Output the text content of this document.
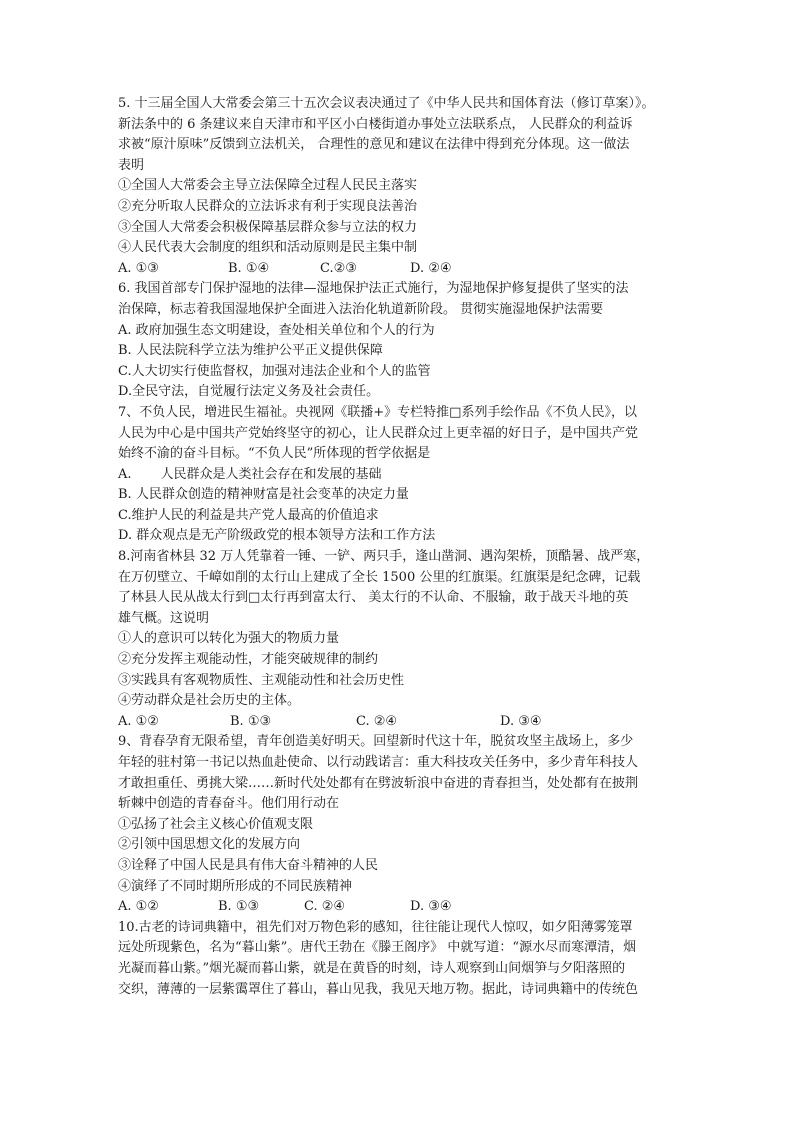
5. 十三届全国人大常委会第三十五次会议表决通过了《中华人民共和国体育法（修订草案）》。
新法条中的 6 条建议来自天津市和平区小白楼街道办事处立法联系点， 人民群众的利益诉
求被“原汁原味”反馈到立法机关， 合理性的意见和建议在法律中得到充分体现。这一做法
表明
①全国人大常委会主导立法保障全过程人民民主落实
②充分听取人民群众的立法诉求有利于实现良法善治
③全国人大常委会积极保障基层群众参与立法的权力
④人民代表大会制度的组织和活动原则是民主集中制
A. ①③	B. ①④	C.②③	D. ②④
6. 我国首部专门保护湿地的法律—湿地保护法正式施行，为湿地保护修复提供了坚实的法
治保障，标志着我国湿地保护全面进入法治化轨道新阶段。 贯彻实施湿地保护法需要
A. 政府加强生态文明建设，查处相关单位和个人的行为
B. 人民法院科学立法为维护公平正义提供保障
C.人大切实行使监督权，加强对违法企业和个人的监管
D.全民守法，自觉履行法定义务及社会责任。
7、不负人民，增进民生福祉。央视网《联播+》专栏特推□系列手绘作品《不负人民》，以
人民为中心是中国共产党始终坚守的初心，让人民群众过上更幸福的好日子，是中国共产党
始终不渝的奋斗目标。“不负人民”所体现的哲学依据是
A.       人民群众是人类社会存在和发展的基础
B. 人民群众创造的精神财富是社会变革的决定力量
C.维护人民的利益是共产党人最高的价值追求
D. 群众观点是无产阶级政党的根本领导方法和工作方法
8.河南省林县 32 万人凭靠着一锤、一铲、两只手，逢山凿洞、遇沟架桥，顶酷暑、战严寒，
在万仞壁立、千嶂如削的太行山上建成了全长 1500 公里的红旗渠。红旗渠是纪念碑，记载
了林县人民从战太行到□太行再到富太行、 美太行的不认命、不服输，敢于战天斗地的英
雄气概。这说明
①人的意识可以转化为强大的物质力量
②充分发挥主观能动性，才能突破规律的制约
③实践具有客观物质性、主观能动性和社会历史性
④劳动群众是社会历史的主体。
A. ①②	B. ①③	C. ②④	D. ③④
9、背春孕育无限希望，青年创造美好明天。回望新时代这十年，脱贫攻坚主战场上，多少
年轻的驻村第一书记以热血赴使命、以行动践诺言：重大科技攻关任务中，多少青年科技人
才敢担重任、勇挑大梁……新时代处处都有在劈波斩浪中奋进的青春担当，处处都有在披荆
斩棘中创造的青春奋斗。他们用行动在
①弘扬了社会主义核心价值观支限
②引领中国思想文化的发展方向
③诠释了中国人民是具有伟大奋斗精神的人民
④演绎了不同时期所形成的不同民族精神
A. ①②	B. ①③	C. ②④	D. ③④
10.古老的诗词典籍中，祖先们对万物色彩的感知，往往能让现代人惊叹，如夕阳薄雾笼罩
远处所现紫色，名为“暮山紫”。唐代王勃在《滕王阁序》 中就写道：“源水尽而寒潭清，烟
光凝而暮山紫。”烟光凝而暮山紫，就是在黄昏的时刻，诗人观察到山间烟笋与夕阳落照的
交织，薄薄的一层紫霭罩住了暮山，暮山见我，我见天地万物。据此，诗词典籍中的传统色
